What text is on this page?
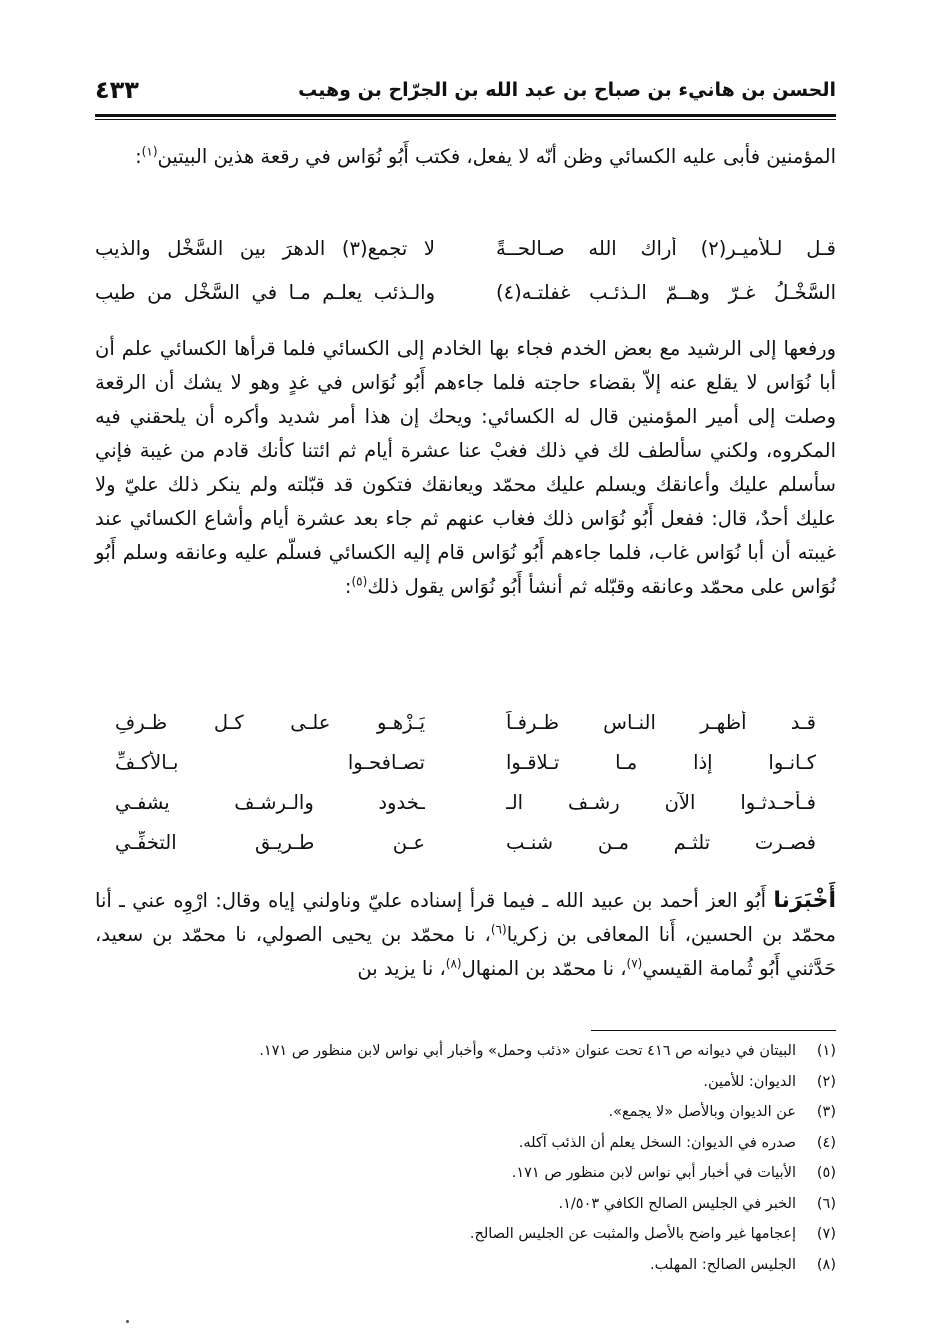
الحسن بن هانيء بن صباح بن عبد الله بن الجرّاح بن وهيب
٤٣٣

المؤمنين فأبى عليه الكسائي وظن أنّه لا يفعل، فكتب أَبُو نُوَاس في رقعة هذين البيتين$^{(١)}$:

قـل لـلأميـر(٢) أراك الله صـالحــةً
لا تجمع(٣) الدهرَ بين السَّخْل والذيبِ
السَّخْـلُ غـرّ وهــمّ الـذئـب غفلتـه(٤)
والـذئب يعلـم مـا في السَّخْلِ من طيبِ

ورفعها إلى الرشيد مع بعض الخدم فجاء بها الخادم إلى الكسائي فلما قرأها الكسائي علم أن أبا نُوَاس لا يقلع عنه إلاّ بقضاء حاجته فلما جاءهم أَبُو نُوَاس في غدٍ وهو لا يشك أن الرقعة وصلت إلى أمير المؤمنين قال له الكسائي: ويحك إن هذا أمر شديد وأكره أن يلحقني فيه المكروه، ولكني سألطف لك في ذلك فغبْ عنا عشرة أيام ثم ائتنا كأنك قادم من غيبة فإني سأسلم عليك وأعانقك ويسلم عليك محمّد ويعانقك فتكون قد قبّلته ولم ينكر ذلك عليّ ولا عليك أحدٌ، قال: ففعل أَبُو نُوَاس ذلك فغاب عنهم ثم جاء بعد عشرة أيام وأشاع الكسائي عند غيبته أن أبا نُوَاس غاب، فلما جاءهم أَبُو نُوَاس قام إليه الكسائي فسلّم عليه وعانقه وسلم أَبُو نُوَاس على محمّد وعانقه وقبّله ثم أنشأ أَبُو نُوَاس يقول ذلك$^{(٥)}$:

قـد أظهـر النـاس ظـرفـاً
يَـزْهـو علـى كـل ظـرفِ
كـانـوا إذا مـا تـلاقـوا
تصـافحـوا بـالأكـفِّ
فـأحـدثـوا الآن رشـف الـ
ـخدود والـرشـف يشفـي
فصـرت تلثـم مـن شنـب
عـن طـريـق التخفِّـي

أَخْبَرَنا أَبُو العز أحمد بن عبيد الله ـ فيما قرأ إسناده عليّ وناولني إياه وقال: ارْوِه عني ـ أنا محمّد بن الحسين، أَنا المعافى بن زكريا$^{(٦)}$، نا محمّد بن يحيى الصولي، نا محمّد بن سعيد، حَدَّثني أَبُو ثُمامة القيسي$^{(٧)}$، نا محمّد بن المنهال$^{(٨)}$، نا يزيد بن

(١)
البيتان في ديوانه ص ٤١٦ تحت عنوان «ذئب وحمل» وأخبار أبي نواس لابن منظور ص ١٧١.
(٢)
الديوان: للأمين.
(٣)
عن الديوان وبالأصل «لا يجمع».
(٤)
صدره في الديوان: السخل يعلم أن الذئب آكله.
(٥)
الأبيات في أخبار أبي نواس لابن منظور ص ١٧١.
(٦)
الخبر في الجليس الصالح الكافي ١/٥٠٣.
(٧)
إعجامها غير واضح بالأصل والمثبت عن الجليس الصالح.
(٨)
الجليس الصالح: المهلب.
